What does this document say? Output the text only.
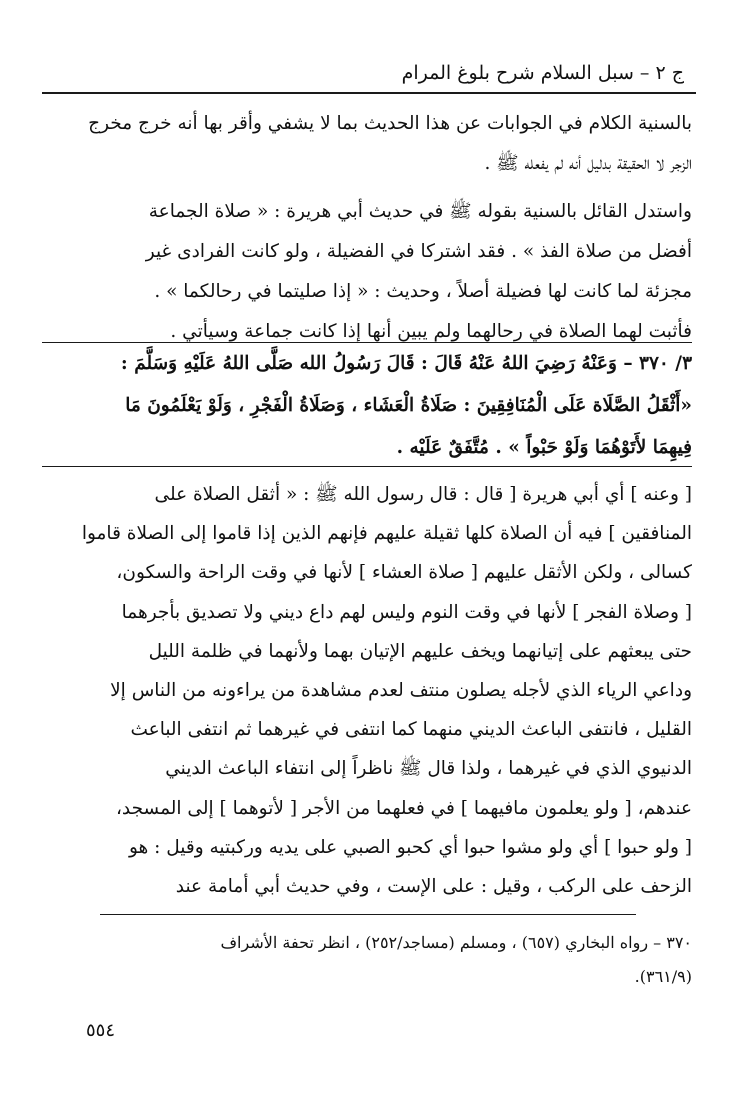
ج ٢ – سبل السلام شرح بلوغ المرام

بالسنية الكلام في الجوابات عن هذا الحديث بما لا يشفي وأقر بها أنه خرج مخرج
الزجر لا الحقيقة بدليل أنه لم يفعله ﷺ .

واستدل القائل بالسنية بقوله ﷺ في حديث أبي هريرة : « صلاة الجماعة
أفضل من صلاة الفذ » . فقد اشتركا في الفضيلة ، ولو كانت الفرادى غير
مجزئة لما كانت لها فضيلة أصلاً ، وحديث : « إذا صليتما في رحالكما » .
فأثبت لهما الصلاة في رحالهما ولم يبين أنها إذا كانت جماعة وسيأتي .

٣/ ٣٧٠ – وَعَنْهُ رَضِيَ اللهُ عَنْهُ قَالَ : قَالَ رَسُولُ الله صَلَّى اللهُ عَلَيْهِ وَسَلَّمَ :
«أَثْقَلُ الصَّلَاة عَلَى الْمُنَافِقِينَ : صَلَاةُ الْعَشَاء ، وَصَلَاةُ الْفَجْرِ ، وَلَوْ يَعْلَمُونَ مَا
فِيهِمَا لأَتَوْهُمَا وَلَوْ حَبْواً » . مُتَّفَقٌ عَلَيْه .

[ وعنه ] أي أبي هريرة [ قال : قال رسول الله ﷺ : « أثقل الصلاة على
المنافقين ] فيه أن الصلاة كلها ثقيلة عليهم فإنهم الذين إذا قاموا إلى الصلاة قاموا
كسالى ، ولكن الأثقل عليهم [ صلاة العشاء ] لأنها في وقت الراحة والسكون،
[ وصلاة الفجر ] لأنها في وقت النوم وليس لهم داع ديني ولا تصديق بأجرهما
حتى يبعثهم على إتيانهما ويخف عليهم الإتيان بهما ولأنهما في ظلمة الليل
وداعي الرياء الذي لأجله يصلون منتف لعدم مشاهدة من يراءونه من الناس إلا
القليل ، فانتفى الباعث الديني منهما كما انتفى في غيرهما ثم انتفى الباعث
الدنيوي الذي في غيرهما ، ولذا قال ﷺ ناظراً إلى انتفاء الباعث الديني
عندهم، [ ولو يعلمون مافيهما ] في فعلهما من الأجر [ لأتوهما ] إلى المسجد،
[ ولو حبوا ] أي ولو مشوا حبوا أي كحبو الصبي على يديه وركبتيه وقيل : هو
الزحف على الركب ، وقيل : على الإست ، وفي حديث أبي أمامة عند

٣٧٠ – رواه البخاري (٦٥٧) ، ومسلم (مساجد/٢٥٢) ، انظر تحفة الأشراف
(٣٦١/٩).

٥٥٤
